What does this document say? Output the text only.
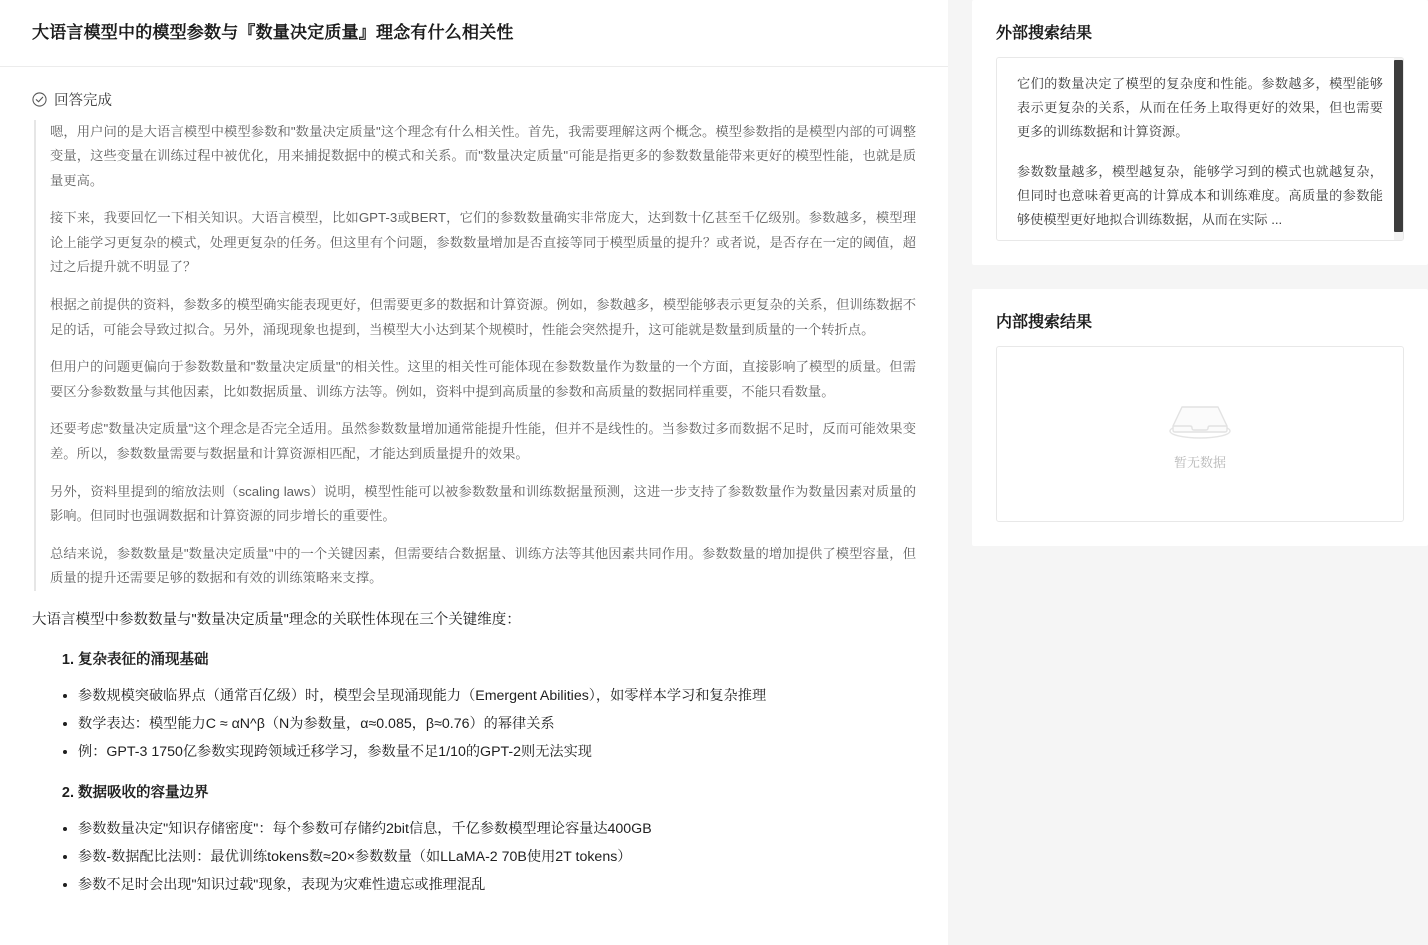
大语言模型中的模型参数与『数量决定质量』理念有什么相关性
回答完成

嗯，用户问的是大语言模型中模型参数和"数量决定质量"这个理念有什么相关性。首先，我需要理解这两个概念。模型参数指的是模型内部的可调整变量，这些变量在训练过程中被优化，用来捕捉数据中的模式和关系。而"数量决定质量"可能是指更多的参数数量能带来更好的模型性能，也就是质量更高。

接下来，我要回忆一下相关知识。大语言模型，比如GPT-3或BERT，它们的参数数量确实非常庞大，达到数十亿甚至千亿级别。参数越多，模型理论上能学习更复杂的模式，处理更复杂的任务。但这里有个问题，参数数量增加是否直接等同于模型质量的提升？或者说，是否存在一定的阈值，超过之后提升就不明显了？

根据之前提供的资料，参数多的模型确实能表现更好，但需要更多的数据和计算资源。例如，参数越多，模型能够表示更复杂的关系，但训练数据不足的话，可能会导致过拟合。另外，涌现现象也提到，当模型大小达到某个规模时，性能会突然提升，这可能就是数量到质量的一个转折点。

但用户的问题更偏向于参数数量和"数量决定质量"的相关性。这里的相关性可能体现在参数数量作为数量的一个方面，直接影响了模型的质量。但需要区分参数数量与其他因素，比如数据质量、训练方法等。例如，资料中提到高质量的参数和高质量的数据同样重要，不能只看数量。

还要考虑"数量决定质量"这个理念是否完全适用。虽然参数数量增加通常能提升性能，但并不是线性的。当参数过多而数据不足时，反而可能效果变差。所以，参数数量需要与数据量和计算资源相匹配，才能达到质量提升的效果。

另外，资料里提到的缩放法则（scaling laws）说明，模型性能可以被参数数量和训练数据量预测，这进一步支持了参数数量作为数量因素对质量的影响。但同时也强调数据和计算资源的同步增长的重要性。

总结来说，参数数量是"数量决定质量"中的一个关键因素，但需要结合数据量、训练方法等其他因素共同作用。参数数量的增加提供了模型容量，但质量的提升还需要足够的数据和有效的训练策略来支撑。

大语言模型中参数数量与"数量决定质量"理念的关联性体现在三个关键维度：

1. 复杂表征的涌现基础
• 参数规模突破临界点（通常百亿级）时，模型会呈现涌现能力（Emergent Abilities），如零样本学习和复杂推理
• 数学表达：模型能力C ≈ αN^β（N为参数量，α≈0.085，β≈0.76）的幂律关系
• 例：GPT-3 1750亿参数实现跨领域迁移学习，参数量不足1/10的GPT-2则无法实现
2. 数据吸收的容量边界
• 参数数量决定"知识存储密度"：每个参数可存储约2bit信息，千亿参数模型理论容量达400GB
• 参数-数据配比法则：最优训练tokens数≈20×参数数量（如LLaMA-2 70B使用2T tokens）
• 参数不足时会出现"知识过载"现象，表现为灾难性遗忘或推理混乱
外部搜索结果

它们的数量决定了模型的复杂度和性能。参数越多，模型能够表示更复杂的关系，从而在任务上取得更好的效果，但也需要更多的训练数据和计算资源。

参数数量越多，模型越复杂，能够学习到的模式也就越复杂，但同时也意味着更高的计算成本和训练难度。高质量的参数能够使模型更好地拟合训练数据，从而在实际 ...

内部搜索结果
暂无数据
